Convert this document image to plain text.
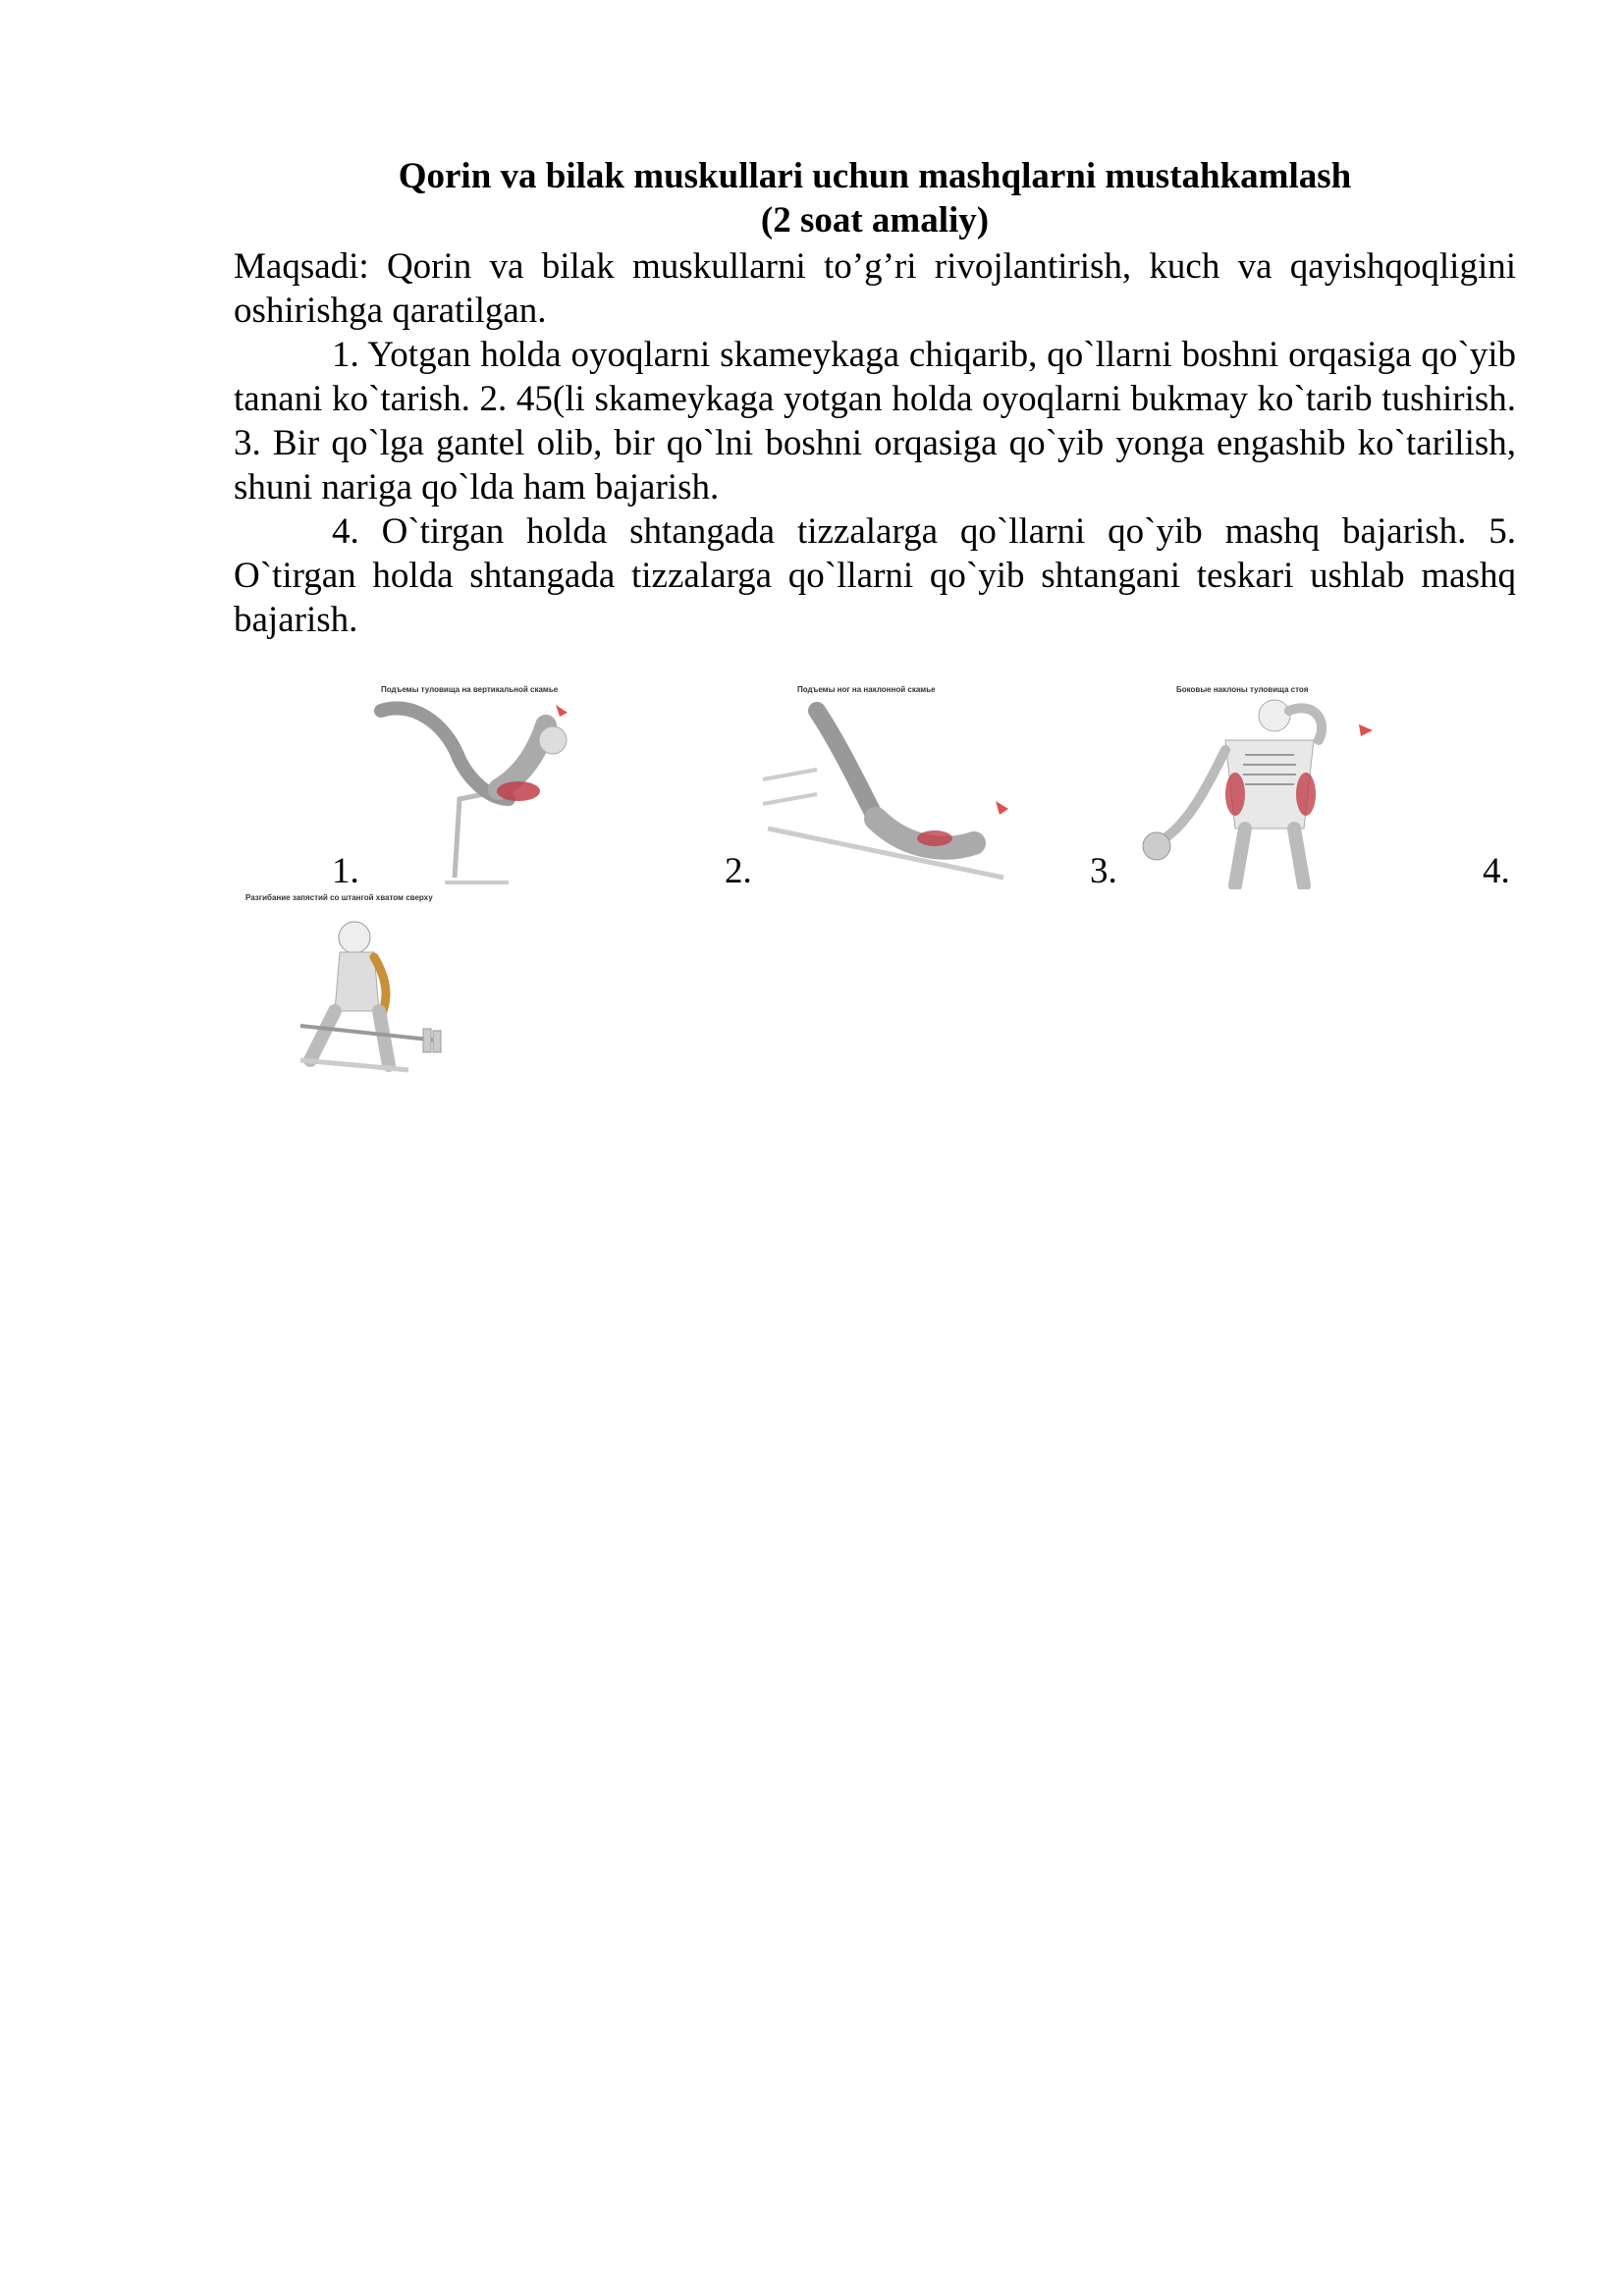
Qorin va bilak muskullari uchun mashqlarni mustahkamlash
(2 soat amaliy)
Maqsadi: Qorin va bilak muskullarni to’g’ri rivojlantirish, kuch va qayishqoqligini oshirishga qaratilgan.
1. Yotgan holda oyoqlarni skameykaga chiqarib, qo`llarni boshni orqasiga qo`yib tanani ko`tarish. 2. 45(li skameykaga yotgan holda oyoqlarni bukmay ko`tarib tushirish. 3. Bir qo`lga gantel olib, bir qo`lni boshni orqasiga qo`yib yonga engashib ko`tarilish, shuni nariga qo`lda ham bajarish.
4. O`tirgan holda shtangada tizzalarga qo`llarni qo`yib mashq bajarish. 5. O`tirgan holda shtangada tizzalarga qo`llarni qo`yib shtangani teskari ushlab mashq bajarish.
Подъемы туловища на вертикальной скамье	Подъемы ног на наклонной скамье	Боковые наклоны туловища стоя
1.	2.	3.	4.
Разгибание запястий со штангой хватом сверху
